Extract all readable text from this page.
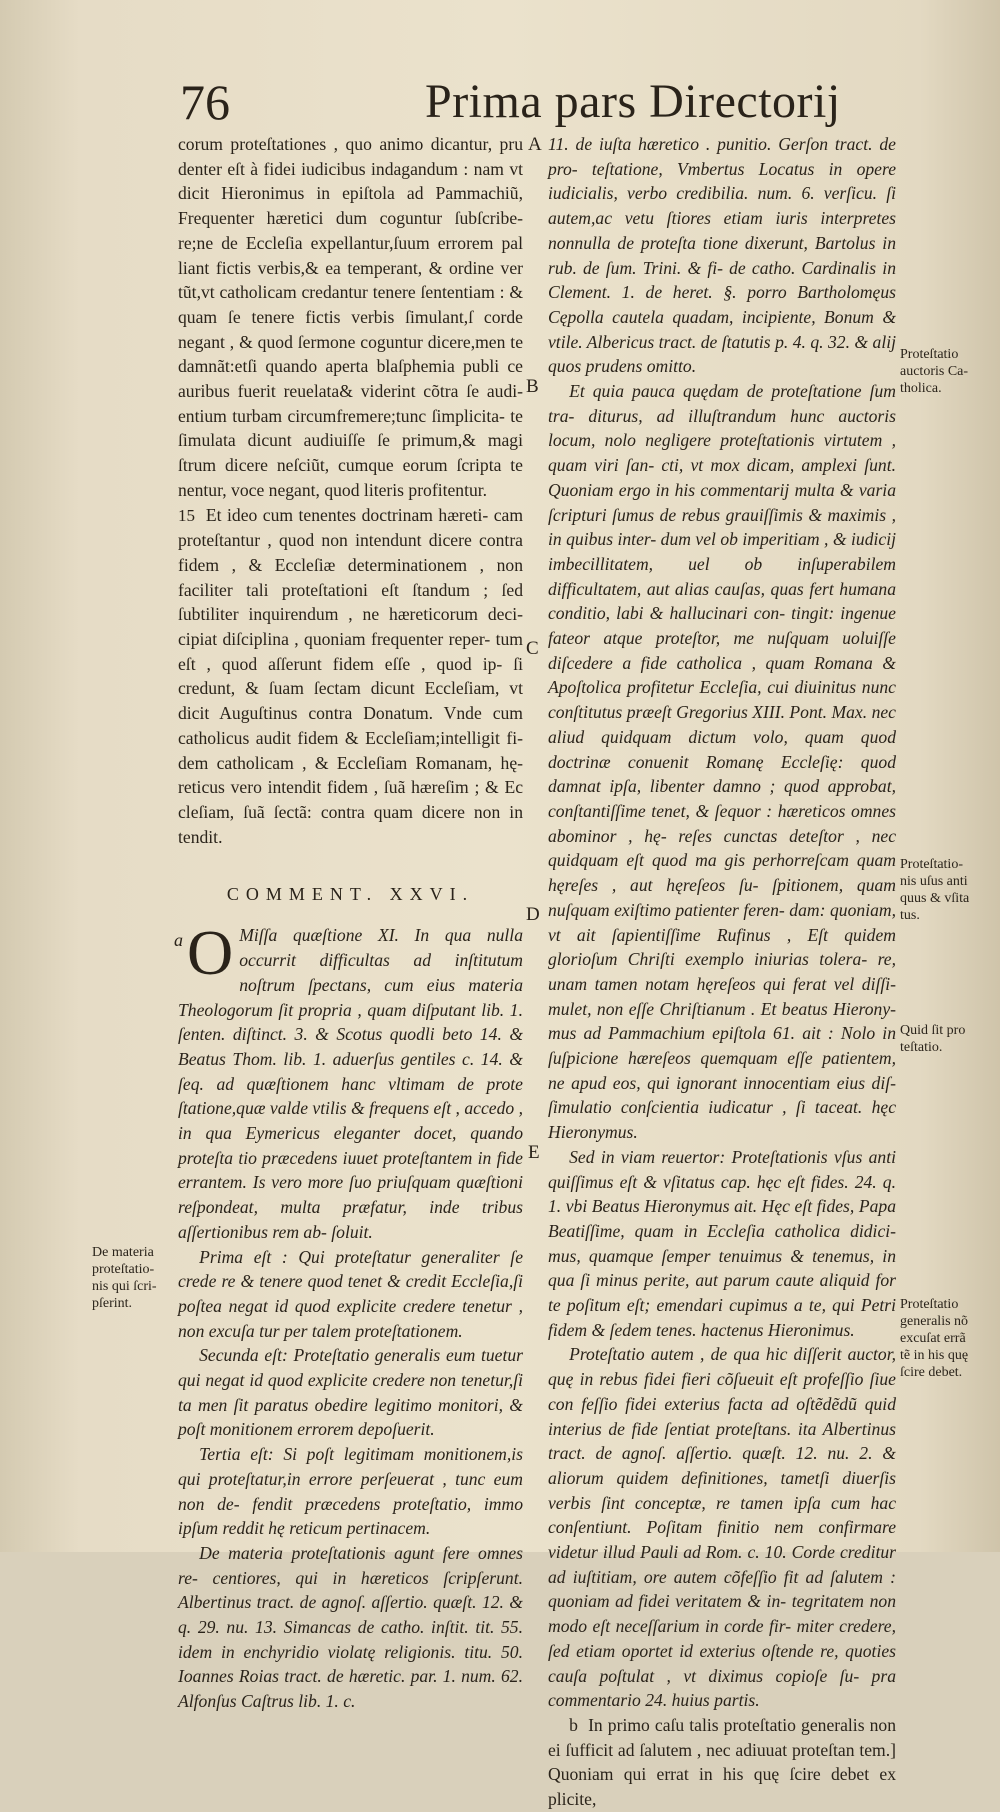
76	Prima pars Directorij

corum proteſtationes , quo animo dicantur, pru denter eſt à fidei iudicibus indagandum : nam vt dicit Hieronimus in epiſtola ad Pammachiũ, Frequenter hæretici dum coguntur ſubſcribe- re;ne de Eccleſia expellantur,ſuum errorem pal liant fictis verbis,& ea temperant, & ordine ver tũt,vt catholicam credantur tenere ſententiam : & quam ſe tenere fictis verbis ſimulant,ſ corde negant , & quod ſermone coguntur dicere,men te damnãt:etſi quando aperta blaſphemia publi ce auribus fuerit reuelata& viderint cõtra ſe audi- entium turbam circumfremere;tunc ſimplicita- te ſimulata dicunt audiuiſſe ſe primum,& magi ſtrum dicere neſciũt, cumque eorum ſcripta te nentur, voce negant, quod literis profitentur.

15 Et ideo cum tenentes doctrinam hæreti- cam proteſtantur , quod non intendunt dicere contra fidem , & Eccleſiæ determinationem , non faciliter tali proteſtationi eſt ſtandum ; ſed ſubtiliter inquirendum , ne hæreticorum deci- cipiat diſciplina , quoniam frequenter reper- tum eſt , quod aſſerunt fidem eſſe , quod ip- ſi credunt, & ſuam ſectam dicunt Eccleſiam, vt dicit Auguſtinus contra Donatum. Vnde cum catholicus audit fidem & Eccleſiam;intelligit fi- dem catholicam , & Eccleſiam Romanam, hę- reticus vero intendit fidem , ſuã hæreſim ; & Ec cleſiam, ſuã ſectã: contra quam dicere non in tendit.

COMMENT. XXVI.

a O Miſſa quæſtione XI. In qua nulla occurrit difficultas ad inſtitutum noſtrum ſpectans, cum eius materia Theologorum ſit propria , quam diſputant lib. 1. ſenten. diſtinct. 3. & Scotus quodli beto 14. & Beatus Thom. lib. 1. aduerſus gentiles c. 14. & ſeq. ad quæſtionem hanc vltimam de prote ſtatione,quæ valde vtilis & frequens eſt , accedo , in qua Eymericus eleganter docet, quando proteſta tio præcedens iuuet proteſtantem in fide errantem. Is vero more ſuo priuſquam quæſtioni reſpondeat, multa præfatur, inde tribus aſſertionibus rem ab- ſoluit.

Prima eſt : Qui proteſtatur generaliter ſe crede re & tenere quod tenet & credit Eccleſia,ſi poſtea negat id quod explicite credere tenetur , non excuſa tur per talem proteſtationem.

Secunda eſt: Proteſtatio generalis eum tuetur qui negat id quod explicite credere non tenetur,ſi ta men ſit paratus obedire legitimo monitori, & poſt monitionem errorem depoſuerit.

Tertia eſt: Si poſt legitimam monitionem,is qui proteſtatur,in errore perſeuerat , tunc eum non de- fendit præcedens proteſtatio, immo ipſum reddit hę reticum pertinacem.

De materia proteſtationis agunt fere omnes re- centiores, qui in hæreticos ſcripſerunt. Albertinus tract. de agnoſ. aſſertio. quæſt. 12. & q. 29. nu. 13. Simancas de catho. inſtit. tit. 55. idem in enchyridio violatę religionis. titu. 50. Ioannes Roias tract. de hæretic. par. 1. num. 62. Alfonſus Caſtrus lib. 1. c.

11. de iuſta hæretico . punitio. Gerſon tract. de pro- teſtatione, Vmbertus Locatus in opere iudicialis, verbo credibilia. num. 6. verſicu. ſi autem,ac vetu ſtiores etiam iuris interpretes nonnulla de proteſta tione dixerunt, Bartolus in rub. de ſum. Trini. & fi- de catho. Cardinalis in Clement. 1. de heret. §. porro Bartholomęus Cępolla cautela quadam, incipiente, Bonum & vtile. Albericus tract. de ſtatutis p. 4. q. 32. & alij quos prudens omitto.

Et quia pauca quędam de proteſtatione ſum tra- diturus, ad illuſtrandum hunc auctoris locum, nolo negligere proteſtationis virtutem , quam viri ſan- cti, vt mox dicam, amplexi ſunt. Quoniam ergo in his commentarij multa & varia ſcripturi ſumus de rebus grauiſſimis & maximis , in quibus inter- dum vel ob imperitiam , & iudicij imbecillitatem, uel ob inſuperabilem difficultatem, aut alias cauſas, quas fert humana conditio, labi & hallucinari con- tingit: ingenue fateor atque proteſtor, me nuſquam uoluiſſe diſcedere a fide catholica , quam Romana & Apoſtolica profitetur Eccleſia, cui diuinitus nunc conſtitutus præeſt Gregorius XIII. Pont. Max. nec aliud quidquam dictum volo, quam quod doctrinæ conuenit Romanę Eccleſię: quod damnat ipſa, libenter damno ; quod approbat, conſtantiſſime tenet, & ſequor : hæreticos omnes abominor , hę- reſes cunctas deteſtor , nec quidquam eſt quod ma gis perhorreſcam quam hęreſes , aut hęreſeos ſu- ſpitionem, quam nuſquam exiſtimo patienter feren- dam: quoniam, vt ait ſapientiſſime Rufinus , Eſt quidem glorioſum Chriſti exemplo iniurias tolera- re, unam tamen notam hęreſeos qui ferat vel diſſi- mulet, non eſſe Chriſtianum . Et beatus Hierony- mus ad Pammachium epiſtola 61. ait : Nolo in ſuſpicione hæreſeos quemquam eſſe patientem, ne apud eos, qui ignorant innocentiam eius diſ- ſimulatio conſcientia iudicatur , ſi taceat. hęc Hieronymus.

Sed in viam reuertor: Proteſtationis vſus anti quiſſimus eſt & vſitatus cap. hęc eſt fides. 24. q. 1. vbi Beatus Hieronymus ait. Hęc eſt fides, Papa Beatiſſime, quam in Eccleſia catholica didici- mus, quamque ſemper tenuimus & tenemus, in qua ſi minus perite, aut parum caute aliquid for te poſitum eſt; emendari cupimus a te, qui Petri fidem & ſedem tenes. hactenus Hieronimus.

Proteſtatio autem , de qua hic diſſerit auctor, quę in rebus fidei fieri cõſueuit eſt profeſſio ſiue con feſſio fidei exterius facta ad oſtẽdẽdũ quid interius de fide ſentiat proteſtans. ita Albertinus tract. de agnoſ. aſſertio. quæſt. 12. nu. 2. & aliorum quidem definitiones, tametſi diuerſis verbis ſint conceptæ, re tamen ipſa cum hac conſentiunt. Poſitam finitio nem confirmare videtur illud Pauli ad Rom. c. 10. Corde creditur ad iuſtitiam, ore autem cõfeſſio fit ad ſalutem : quoniam ad fidei veritatem & in- tegritatem non modo eſt neceſſarium in corde fir- miter credere, ſed etiam oportet id exterius oſtende re, quoties cauſa poſtulat , vt diximus copioſe ſu- pra commentario 24. huius partis.

b In primo caſu talis proteſtatio generalis non ei ſufficit ad ſalutem , nec adiuuat proteſtan tem.] Quoniam qui errat in his quę ſcire debet ex plicite,

A
B
C
D
E
De materia
proteſtatio-
nis qui ſcri-
pſerint.
Proteſtatio
auctoris Ca-
tholica.
Proteſtatio-
nis uſus anti
quus & vſita
tus.
Quid ſit pro
teſtatio.
Proteſtatio
generalis nõ
excuſat errã
tẽ in his quę
ſcire debet.
